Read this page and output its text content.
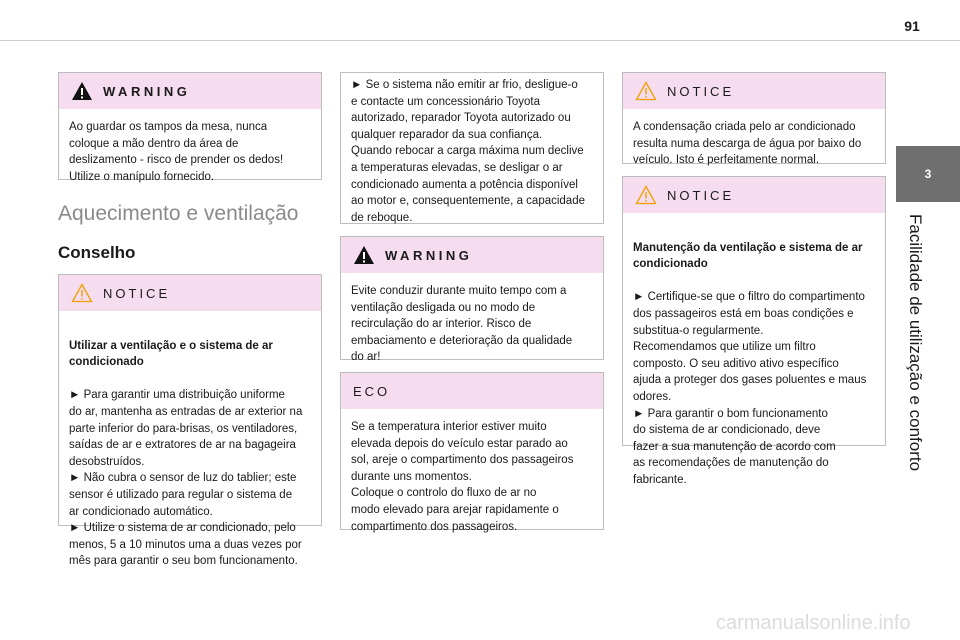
91
3
Facilidade de utilização e conforto
WARNING
Ao guardar os tampos da mesa, nunca
coloque a mão dentro da área de
deslizamento - risco de prender os dedos!
Utilize o manípulo fornecido.
Aquecimento e ventilação
Conselho
NOTICE

Utilizar a ventilação e o sistema de ar
condicionado

► Para garantir uma distribuição uniforme
do ar, mantenha as entradas de ar exterior na
parte inferior do para-brisas, os ventiladores,
saídas de ar e extratores de ar na bagageira
desobstruídos.
► Não cubra o sensor de luz do tablier; este
sensor é utilizado para regular o sistema de
ar condicionado automático.
► Utilize o sistema de ar condicionado, pelo
menos, 5 a 10 minutos uma a duas vezes por
mês para garantir o seu bom funcionamento.

► Se o sistema não emitir ar frio, desligue-o
e contacte um concessionário Toyota
autorizado, reparador Toyota autorizado ou
qualquer reparador da sua confiança.
Quando rebocar a carga máxima num declive
a temperaturas elevadas, se desligar o ar
condicionado aumenta a potência disponível
ao motor e, consequentemente, a capacidade
de reboque.
WARNING
Evite conduzir durante muito tempo com a
ventilação desligada ou no modo de
recirculação do ar interior. Risco de
embaciamento e deterioração da qualidade
do ar!
ECO
Se a temperatura interior estiver muito
elevada depois do veículo estar parado ao
sol, areje o compartimento dos passageiros
durante uns momentos.
Coloque o controlo do fluxo de ar no
modo elevado para arejar rapidamente o
compartimento dos passageiros.
NOTICE
A condensação criada pelo ar condicionado
resulta numa descarga de água por baixo do
veículo. Isto é perfeitamente normal.
NOTICE

Manutenção da ventilação e sistema de ar
condicionado

► Certifique-se que o filtro do compartimento
dos passageiros está em boas condições e
substitua-o regularmente.
Recomendamos que utilize um filtro
composto. O seu aditivo ativo específico
ajuda a proteger dos gases poluentes e maus
odores.
► Para garantir o bom funcionamento
do sistema de ar condicionado, deve
fazer a sua manutenção de acordo com
as recomendações de manutenção do
fabricante.

carmanualsonline.info
